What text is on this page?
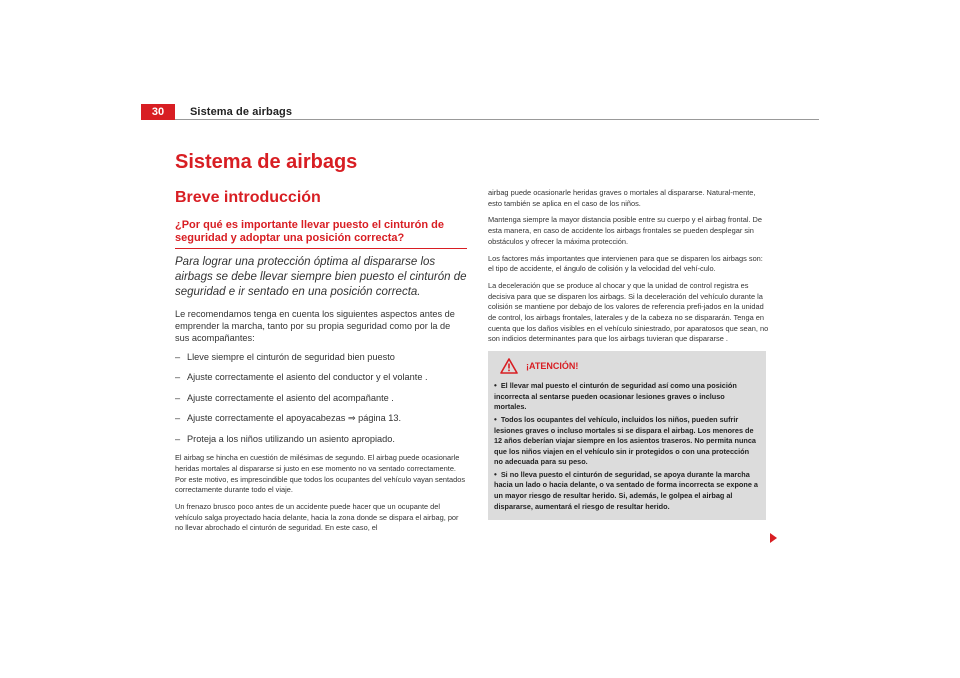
30	Sistema de airbags
Sistema de airbags
Breve introducción
¿Por qué es importante llevar puesto el cinturón de seguridad y adoptar una posición correcta?
Para lograr una protección óptima al dispararse los airbags se debe llevar siempre bien puesto el cinturón de seguridad e ir sentado en una posición correcta.
Le recomendamos tenga en cuenta los siguientes aspectos antes de emprender la marcha, tanto por su propia seguridad como por la de sus acompañantes:
– Lleve siempre el cinturón de seguridad bien puesto
– Ajuste correctamente el asiento del conductor y el volante .
– Ajuste correctamente el asiento del acompañante .
– Ajuste correctamente el apoyacabezas ⇒ página 13.
– Proteja a los niños utilizando un asiento apropiado.
El airbag se hincha en cuestión de milésimas de segundo. El airbag puede ocasionarle heridas mortales al dispararse si justo en ese momento no va sentado correctamente. Por este motivo, es imprescindible que todos los ocupantes del vehículo vayan sentados correctamente durante todo el viaje.
Un frenazo brusco poco antes de un accidente puede hacer que un ocupante del vehículo salga proyectado hacia delante, hacia la zona donde se dispara el airbag, por no llevar abrochado el cinturón de seguridad. En este caso, el
airbag puede ocasionarle heridas graves o mortales al dispararse. Natural-mente, esto también se aplica en el caso de los niños.
Mantenga siempre la mayor distancia posible entre su cuerpo y el airbag frontal. De esta manera, en caso de accidente los airbags frontales se pueden desplegar sin obstáculos y ofrecer la máxima protección.
Los factores más importantes que intervienen para que se disparen los airbags son: el tipo de accidente, el ángulo de colisión y la velocidad del vehí-culo.
La deceleración que se produce al chocar y que la unidad de control registra es decisiva para que se disparen los airbags. Si la deceleración del vehículo durante la colisión se mantiene por debajo de los valores de referencia prefi-jados en la unidad de control, los airbags frontales, laterales y de la cabeza no se dispararán. Tenga en cuenta que los daños visibles en el vehículo siniestrado, por aparatosos que sean, no son indicios determinantes para que los airbags tuvieran que dispararse .
¡ATENCIÓN!
• El llevar mal puesto el cinturón de seguridad así como una posición incorrecta al sentarse pueden ocasionar lesiones graves o incluso mortales.
• Todos los ocupantes del vehículo, incluidos los niños, pueden sufrir lesiones graves o incluso mortales si se dispara el airbag. Los menores de 12 años deberían viajar siempre en los asientos traseros. No permita nunca que los niños viajen en el vehículo sin ir protegidos o con una protección no adecuada para su peso.
• Si no lleva puesto el cinturón de seguridad, se apoya durante la marcha hacia un lado o hacia delante, o va sentado de forma incorrecta se expone a un mayor riesgo de resultar herido. Si, además, le golpea el airbag al dispararse, aumentará el riesgo de resultar herido.
